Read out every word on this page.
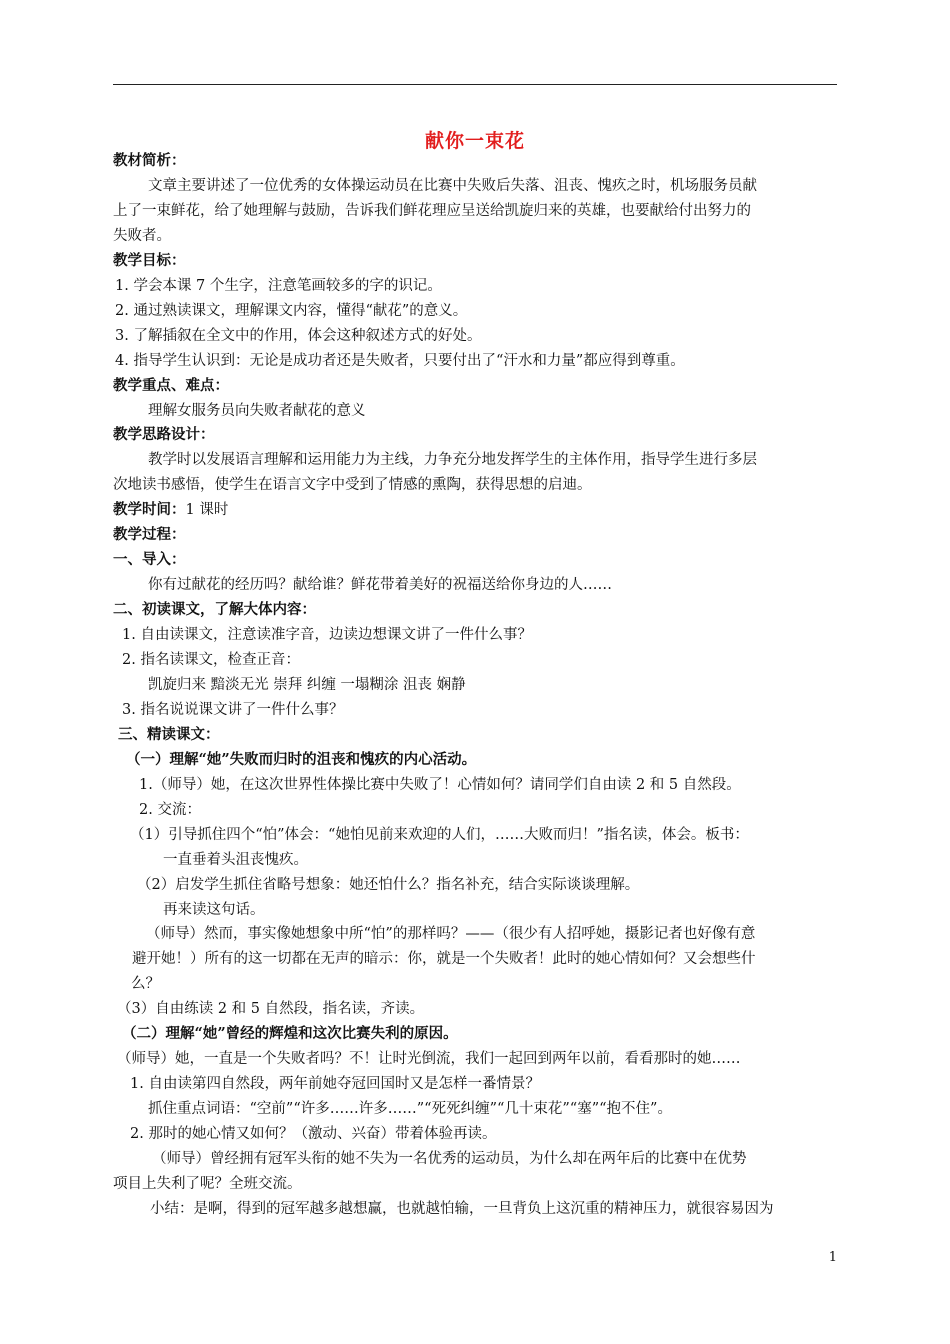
献你一束花
教材简析：
文章主要讲述了一位优秀的女体操运动员在比赛中失败后失落、沮丧、愧疚之时，机场服务员献
上了一束鲜花，给了她理解与鼓励，告诉我们鲜花理应呈送给凯旋归来的英雄，也要献给付出努力的
失败者。
教学目标：
1. 学会本课 7 个生字，注意笔画较多的字的识记。
2. 通过熟读课文，理解课文内容，懂得“献花”的意义。
3. 了解插叙在全文中的作用，体会这种叙述方式的好处。
4. 指导学生认识到：无论是成功者还是失败者，只要付出了“汗水和力量”都应得到尊重。
教学重点、难点：
理解女服务员向失败者献花的意义
教学思路设计：
教学时以发展语言理解和运用能力为主线，力争充分地发挥学生的主体作用，指导学生进行多层
次地读书感悟，使学生在语言文字中受到了情感的熏陶，获得思想的启迪。
教学时间：1 课时
教学过程：
一、导入：
你有过献花的经历吗？献给谁？鲜花带着美好的祝福送给你身边的人……
二、初读课文，了解大体内容：
1. 自由读课文，注意读准字音，边读边想课文讲了一件什么事？
2. 指名读课文，检查正音：
凯旋归来 黯淡无光 崇拜 纠缠 一塌糊涂 沮丧 娴静
3. 指名说说课文讲了一件什么事？
三、精读课文：
（一）理解“她”失败而归时的沮丧和愧疚的内心活动。
1.（师导）她，在这次世界性体操比赛中失败了！心情如何？请同学们自由读 2 和 5 自然段。
2. 交流：
（1）引导抓住四个“怕”体会：“她怕见前来欢迎的人们，……大败而归！”指名读，体会。板书：
一直垂着头沮丧愧疚。
（2）启发学生抓住省略号想象：她还怕什么？指名补充，结合实际谈谈理解。
再来读这句话。
（师导）然而，事实像她想象中所“怕”的那样吗？——（很少有人招呼她，摄影记者也好像有意
避开她！）所有的这一切都在无声的暗示：你，就是一个失败者！此时的她心情如何？又会想些什
么？
（3）自由练读 2 和 5 自然段，指名读，齐读。
（二）理解“她”曾经的辉煌和这次比赛失利的原因。
（师导）她，一直是一个失败者吗？不！让时光倒流，我们一起回到两年以前，看看那时的她……
1. 自由读第四自然段，两年前她夺冠回国时又是怎样一番情景？
抓住重点词语：“空前”“许多……许多……”“死死纠缠”“几十束花”“塞”“抱不住”。
2. 那时的她心情又如何？（激动、兴奋）带着体验再读。
（师导）曾经拥有冠军头衔的她不失为一名优秀的运动员，为什么却在两年后的比赛中在优势
项目上失利了呢？全班交流。
小结：是啊，得到的冠军越多越想赢，也就越怕输，一旦背负上这沉重的精神压力，就很容易因为
1
